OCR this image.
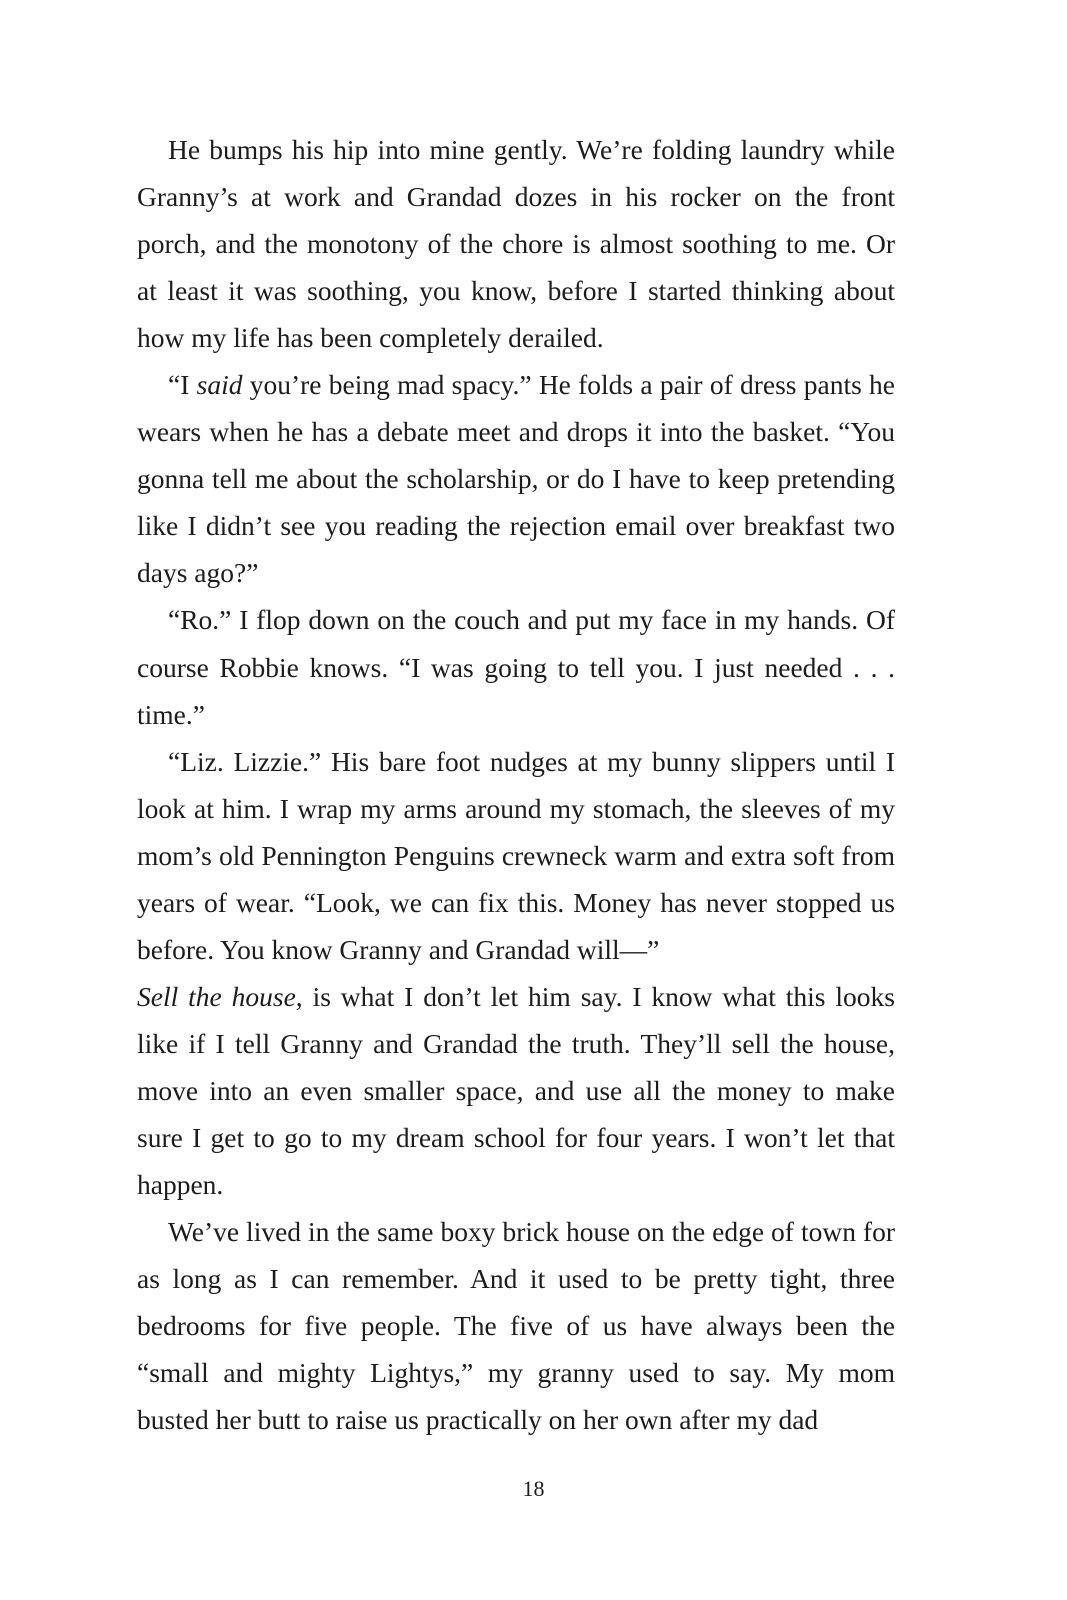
He bumps his hip into mine gently. We’re folding laundry while Granny’s at work and Grandad dozes in his rocker on the front porch, and the monotony of the chore is almost soothing to me. Or at least it was soothing, you know, before I started thinking about how my life has been completely derailed.

“I said you’re being mad spacy.” He folds a pair of dress pants he wears when he has a debate meet and drops it into the basket. “You gonna tell me about the scholarship, or do I have to keep pretending like I didn’t see you reading the rejection email over breakfast two days ago?”

“Ro.” I flop down on the couch and put my face in my hands. Of course Robbie knows. “I was going to tell you. I just needed . . . time.”

“Liz. Lizzie.” His bare foot nudges at my bunny slippers until I look at him. I wrap my arms around my stomach, the sleeves of my mom’s old Pennington Penguins crewneck warm and extra soft from years of wear. “Look, we can fix this. Money has never stopped us before. You know Granny and Grandad will—”

Sell the house, is what I don’t let him say. I know what this looks like if I tell Granny and Grandad the truth. They’ll sell the house, move into an even smaller space, and use all the money to make sure I get to go to my dream school for four years. I won’t let that happen.

We’ve lived in the same boxy brick house on the edge of town for as long as I can remember. And it used to be pretty tight, three bedrooms for five people. The five of us have always been the “small and mighty Lightys,” my granny used to say. My mom busted her butt to raise us practically on her own after my dad

18
